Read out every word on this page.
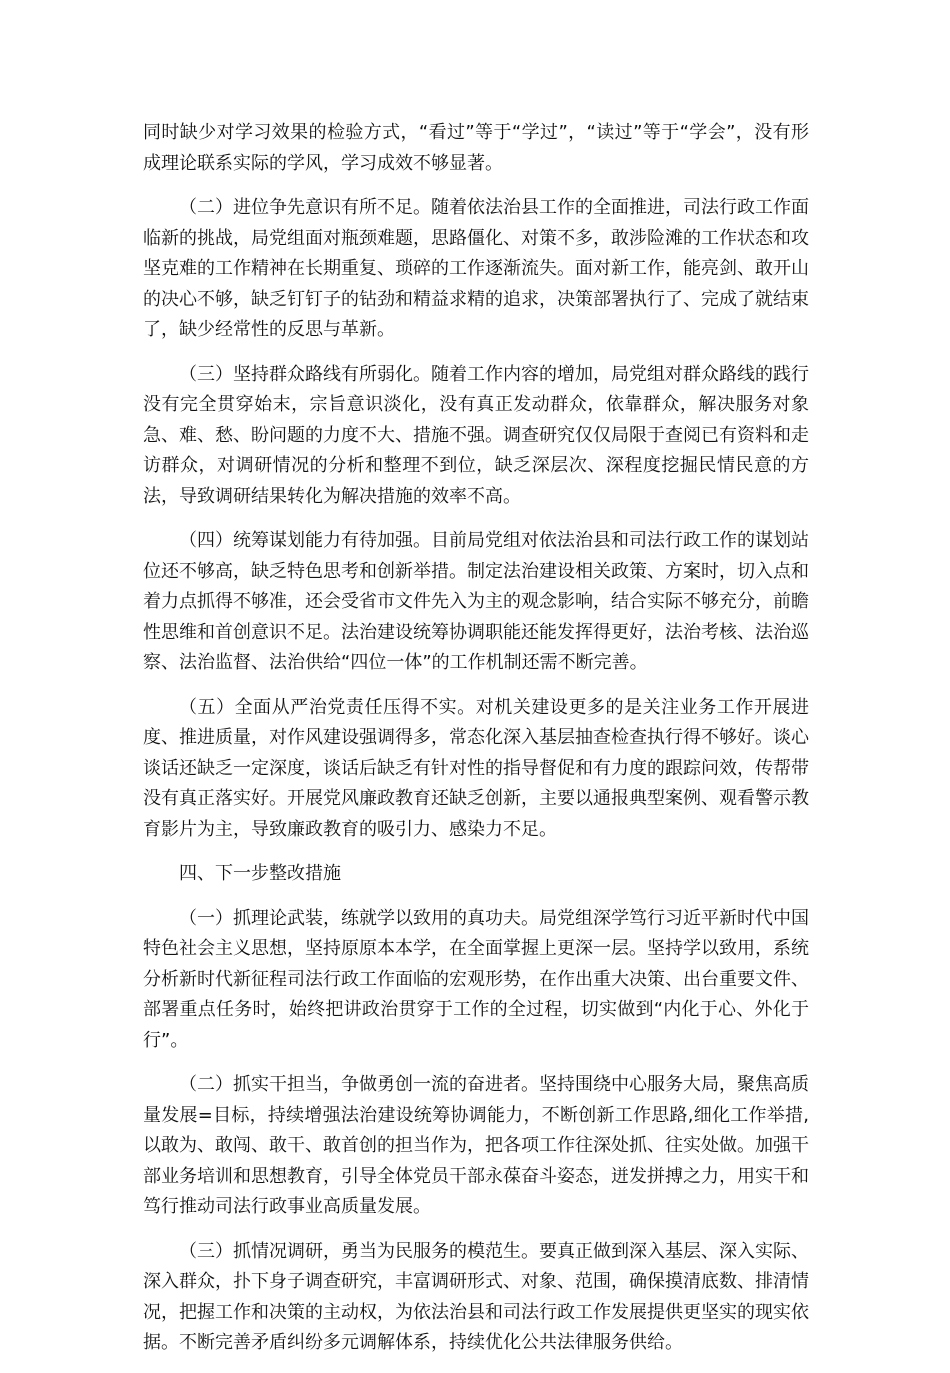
同时缺少对学习效果的检验方式，“看过”等于“学过”，“读过”等于“学会”，没有形成理论联系实际的学风，学习成效不够显著。

（二）进位争先意识有所不足。随着依法治县工作的全面推进，司法行政工作面临新的挑战，局党组面对瓶颈难题，思路僵化、对策不多，敢涉险滩的工作状态和攻坚克难的工作精神在长期重复、琐碎的工作逐渐流失。面对新工作，能亮剑、敢开山的决心不够，缺乏钉钉子的钻劲和精益求精的追求，决策部署执行了、完成了就结束了，缺少经常性的反思与革新。

（三）坚持群众路线有所弱化。随着工作内容的增加，局党组对群众路线的践行没有完全贯穿始末，宗旨意识淡化，没有真正发动群众，依靠群众，解决服务对象急、难、愁、盼问题的力度不大、措施不强。调查研究仅仅局限于查阅已有资料和走访群众，对调研情况的分析和整理不到位，缺乏深层次、深程度挖掘民情民意的方法，导致调研结果转化为解决措施的效率不高。

（四）统筹谋划能力有待加强。目前局党组对依法治县和司法行政工作的谋划站位还不够高，缺乏特色思考和创新举措。制定法治建设相关政策、方案时，切入点和着力点抓得不够准，还会受省市文件先入为主的观念影响，结合实际不够充分，前瞻性思维和首创意识不足。法治建设统筹协调职能还能发挥得更好，法治考核、法治巡察、法治监督、法治供给“四位一体”的工作机制还需不断完善。

（五）全面从严治党责任压得不实。对机关建设更多的是关注业务工作开展进度、推进质量，对作风建设强调得多，常态化深入基层抽查检查执行得不够好。谈心谈话还缺乏一定深度，谈话后缺乏有针对性的指导督促和有力度的跟踪问效，传帮带没有真正落实好。开展党风廉政教育还缺乏创新，主要以通报典型案例、观看警示教育影片为主，导致廉政教育的吸引力、感染力不足。

四、下一步整改措施

（一）抓理论武装，练就学以致用的真功夫。局党组深学笃行习近平新时代中国特色社会主义思想，坚持原原本本学，在全面掌握上更深一层。坚持学以致用，系统分析新时代新征程司法行政工作面临的宏观形势，在作出重大决策、出台重要文件、部署重点任务时，始终把讲政治贯穿于工作的全过程，切实做到“内化于心、外化于行”。

（二）抓实干担当，争做勇创一流的奋进者。坚持围绕中心服务大局，聚焦高质量发展=目标，持续增强法治建设统筹协调能力，不断创新工作思路,细化工作举措,以敢为、敢闯、敢干、敢首创的担当作为，把各项工作往深处抓、往实处做。加强干部业务培训和思想教育，引导全体党员干部永葆奋斗姿态，迸发拼搏之力，用实干和笃行推动司法行政事业高质量发展。

（三）抓情况调研，勇当为民服务的模范生。要真正做到深入基层、深入实际、深入群众，扑下身子调查研究，丰富调研形式、对象、范围，确保摸清底数、排清情况，把握工作和决策的主动权，为依法治县和司法行政工作发展提供更坚实的现实依据。不断完善矛盾纠纷多元调解体系，持续优化公共法律服务供给。
